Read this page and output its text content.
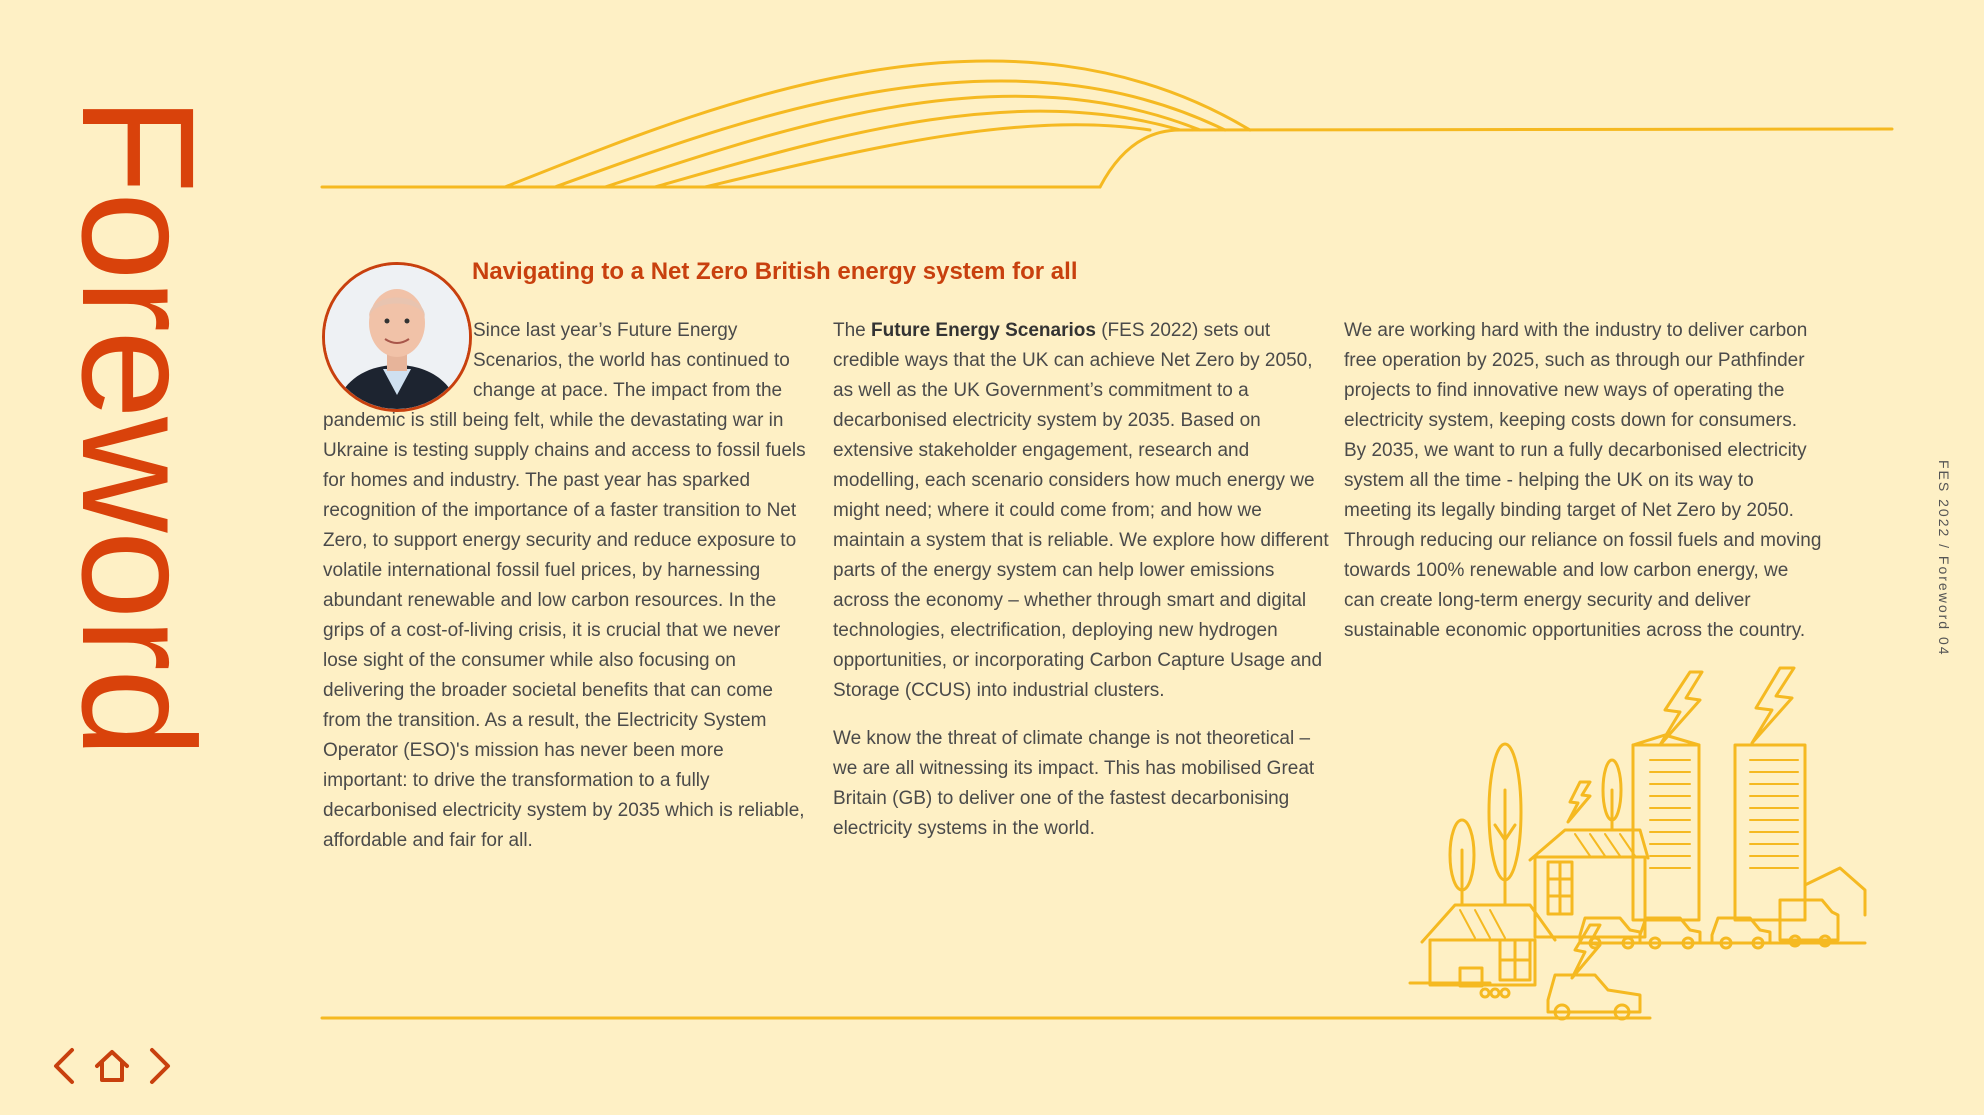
Foreword	FES 2022 / Foreword 04
Navigating to a Net Zero British energy system for all

Since last year’s Future Energy Scenarios, the world has continued to change at pace. The impact from the pandemic is still being felt, while the devastating war in Ukraine is testing supply chains and access to fossil fuels for homes and industry. The past year has sparked recognition of the importance of a faster transition to Net Zero, to support energy security and reduce exposure to volatile international fossil fuel prices, by harnessing abundant renewable and low carbon resources. In the grips of a cost-of-living crisis, it is crucial that we never lose sight of the consumer while also focusing on delivering the broader societal benefits that can come from the transition. As a result, the Electricity System Operator (ESO)'s mission has never been more important: to drive the transformation to a fully decarbonised electricity system by 2035 which is reliable, affordable and fair for all.

The Future Energy Scenarios (FES 2022) sets out credible ways that the UK can achieve Net Zero by 2050, as well as the UK Government’s commitment to a decarbonised electricity system by 2035. Based on extensive stakeholder engagement, research and modelling, each scenario considers how much energy we might need; where it could come from; and how we maintain a system that is reliable. We explore how different parts of the energy system can help lower emissions across the economy – whether through smart and digital technologies, electrification, deploying new hydrogen opportunities, or incorporating Carbon Capture Usage and Storage (CCUS) into industrial clusters.

We know the threat of climate change is not theoretical – we are all witnessing its impact. This has mobilised Great Britain (GB) to deliver one of the fastest decarbonising electricity systems in the world.

We are working hard with the industry to deliver carbon free operation by 2025, such as through our Pathfinder projects to find innovative new ways of operating the electricity system, keeping costs down for consumers. By 2035, we want to run a fully decarbonised electricity system all the time - helping the UK on its way to meeting its legally binding target of Net Zero by 2050. Through reducing our reliance on fossil fuels and moving towards 100% renewable and low carbon energy, we can create long-term energy security and deliver sustainable economic opportunities across the country.
